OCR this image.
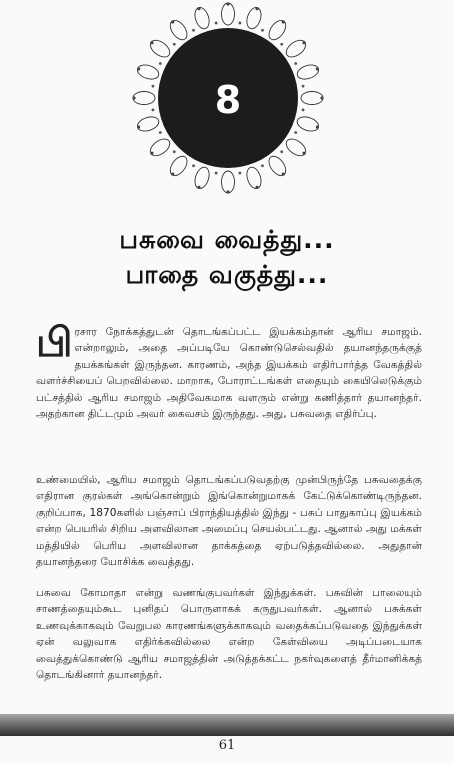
8
பசுவை வைத்து...
பாதை வகுத்து...
பிரசார நோக்கத்துடன் தொடங்கப்பட்ட இயக்கம்தான் ஆரிய சமாஜம். என்றாலும், அதை அப்படியே கொண்டுசெல்வதில் தயானந்தருக்குத் தயக்கங்கள் இருந்தன. காரணம், அந்த இயக்கம் எதிர்பார்த்த வேகத்தில் வளர்ச்சியைப் பெறவில்லை. மாறாக, போராட்டங்கள் எதையும் கையிலெடுக்கும் பட்சத்தில் ஆரிய சமாஜம் அதிவேகமாக வளரும் என்று கணித்தார் தயானந்தர். அதற்கான திட்டமும் அவர் கைவசம் இருந்தது. அது, பசுவதை எதிர்ப்பு.
உண்மையில், ஆரிய சமாஜம் தொடங்கப்படுவதற்கு முன்பிருந்தே பசுவதைக்கு எதிரான குரல்கள் அங்கொன்றும் இங்கொன்றுமாகக் கேட்டுக்கொண்டிருந்தன. குறிப்பாக, 1870களில் பஞ்சாப் பிராந்தியத்தில் இந்து - பசுப் பாதுகாப்பு இயக்கம் என்ற பெயரில் சிறிய அளவிலான அமைப்பு செயல்பட்டது. ஆனால் அது மக்கள் மத்தியில் பெரிய அளவிலான தாக்கத்தை ஏற்படுத்தவில்லை. அதுதான் தயானந்தரை யோசிக்க வைத்தது.
பசுவை கோமாதா என்று வணங்குபவர்கள் இந்துக்கள். பசுவின் பாலையும் சாணத்தையும்கூட புனிதப் பொருளாகக் கருதுபவர்கள். ஆனால் பசுக்கள் உணவுக்காகவும் வேறுபல காரணங்களுக்காகவும் வதைக்கப்படுவதை இந்துக்கள் ஏன் வலுவாக எதிர்க்கவில்லை என்ற கேள்வியை அடிப்படையாக வைத்துக்கொண்டு ஆரிய சமாஜத்தின் அடுத்தக்கட்ட நகர்வுகளைத் தீர்மானிக்கத் தொடங்கினார் தயானந்தர்.
61
